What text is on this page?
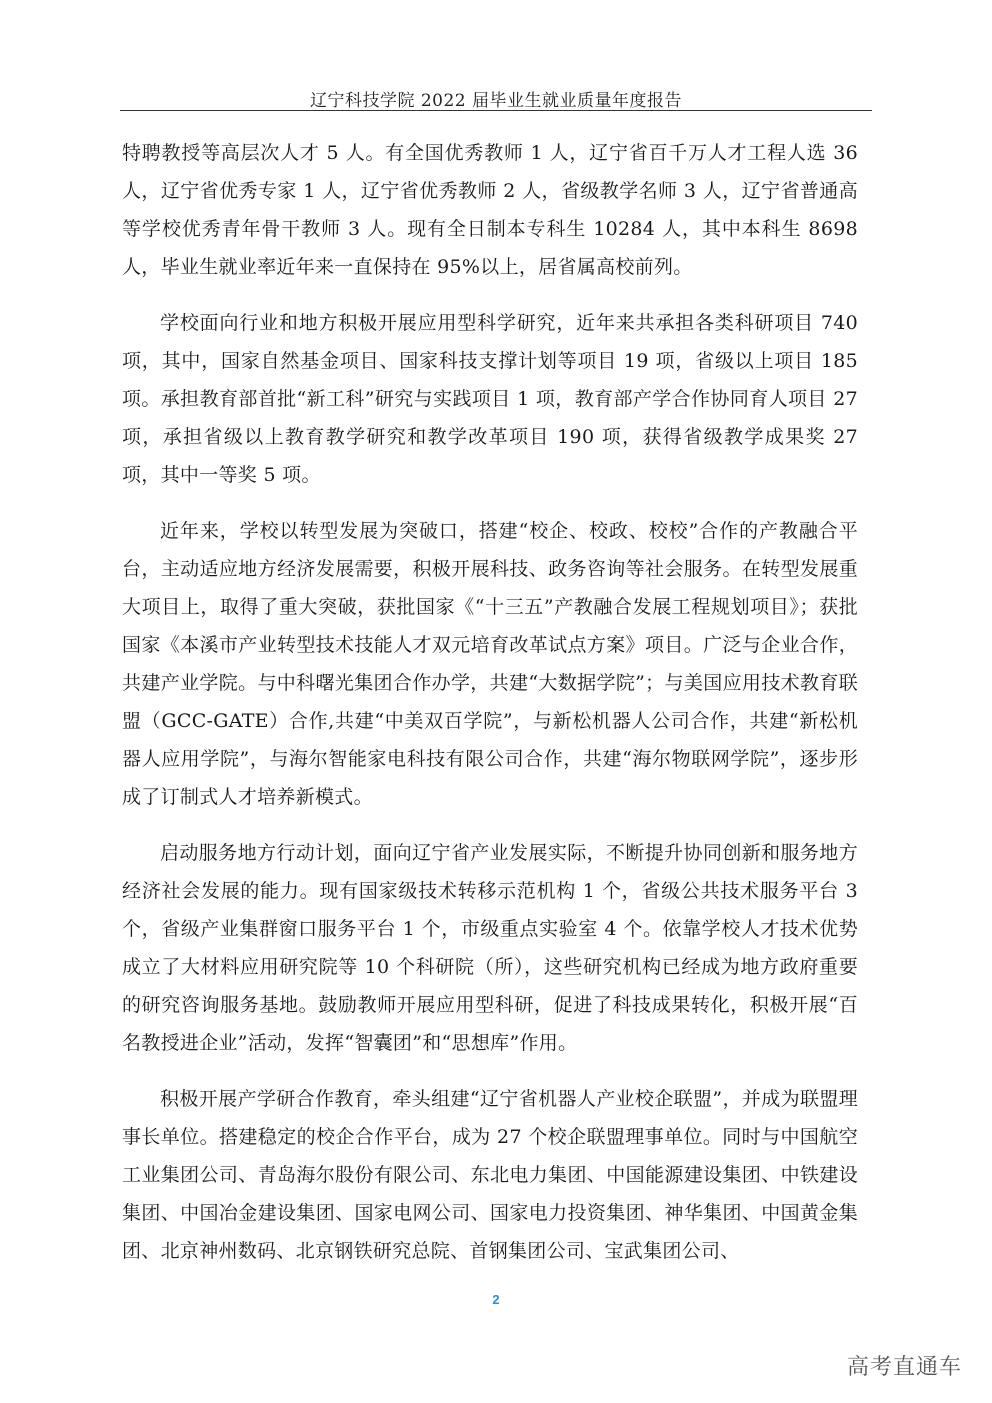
辽宁科技学院 2022 届毕业生就业质量年度报告

特聘教授等高层次人才 5 人。有全国优秀教师 1 人，辽宁省百千万人才工程人选 36 人，辽宁省优秀专家 1 人，辽宁省优秀教师 2 人，省级教学名师 3 人，辽宁省普通高等学校优秀青年骨干教师 3 人。现有全日制本专科生 10284 人，其中本科生 8698 人，毕业生就业率近年来一直保持在 95%以上，居省属高校前列。

学校面向行业和地方积极开展应用型科学研究，近年来共承担各类科研项目 740 项，其中，国家自然基金项目、国家科技支撑计划等项目 19 项，省级以上项目 185 项。承担教育部首批“新工科”研究与实践项目 1 项，教育部产学合作协同育人项目 27 项，承担省级以上教育教学研究和教学改革项目 190 项，获得省级教学成果奖 27 项，其中一等奖 5 项。

近年来，学校以转型发展为突破口，搭建“校企、校政、校校”合作的产教融合平台，主动适应地方经济发展需要，积极开展科技、政务咨询等社会服务。在转型发展重大项目上，取得了重大突破，获批国家《“十三五”产教融合发展工程规划项目》；获批国家《本溪市产业转型技术技能人才双元培育改革试点方案》项目。广泛与企业合作，共建产业学院。与中科曙光集团合作办学，共建“大数据学院”；与美国应用技术教育联盟（GCC-GATE）合作,共建“中美双百学院”，与新松机器人公司合作，共建“新松机器人应用学院”，与海尔智能家电科技有限公司合作，共建“海尔物联网学院”，逐步形成了订制式人才培养新模式。

启动服务地方行动计划，面向辽宁省产业发展实际，不断提升协同创新和服务地方经济社会发展的能力。现有国家级技术转移示范机构 1 个，省级公共技术服务平台 3 个，省级产业集群窗口服务平台 1 个，市级重点实验室 4 个。依靠学校人才技术优势成立了大材料应用研究院等 10 个科研院（所），这些研究机构已经成为地方政府重要的研究咨询服务基地。鼓励教师开展应用型科研，促进了科技成果转化，积极开展“百名教授进企业”活动，发挥“智囊团”和“思想库”作用。

积极开展产学研合作教育，牵头组建“辽宁省机器人产业校企联盟”，并成为联盟理事长单位。搭建稳定的校企合作平台，成为 27 个校企联盟理事单位。同时与中国航空工业集团公司、青岛海尔股份有限公司、东北电力集团、中国能源建设集团、中铁建设集团、中国冶金建设集团、国家电网公司、国家电力投资集团、神华集团、中国黄金集团、北京神州数码、北京钢铁研究总院、首钢集团公司、宝武集团公司、

2
高考直通车
